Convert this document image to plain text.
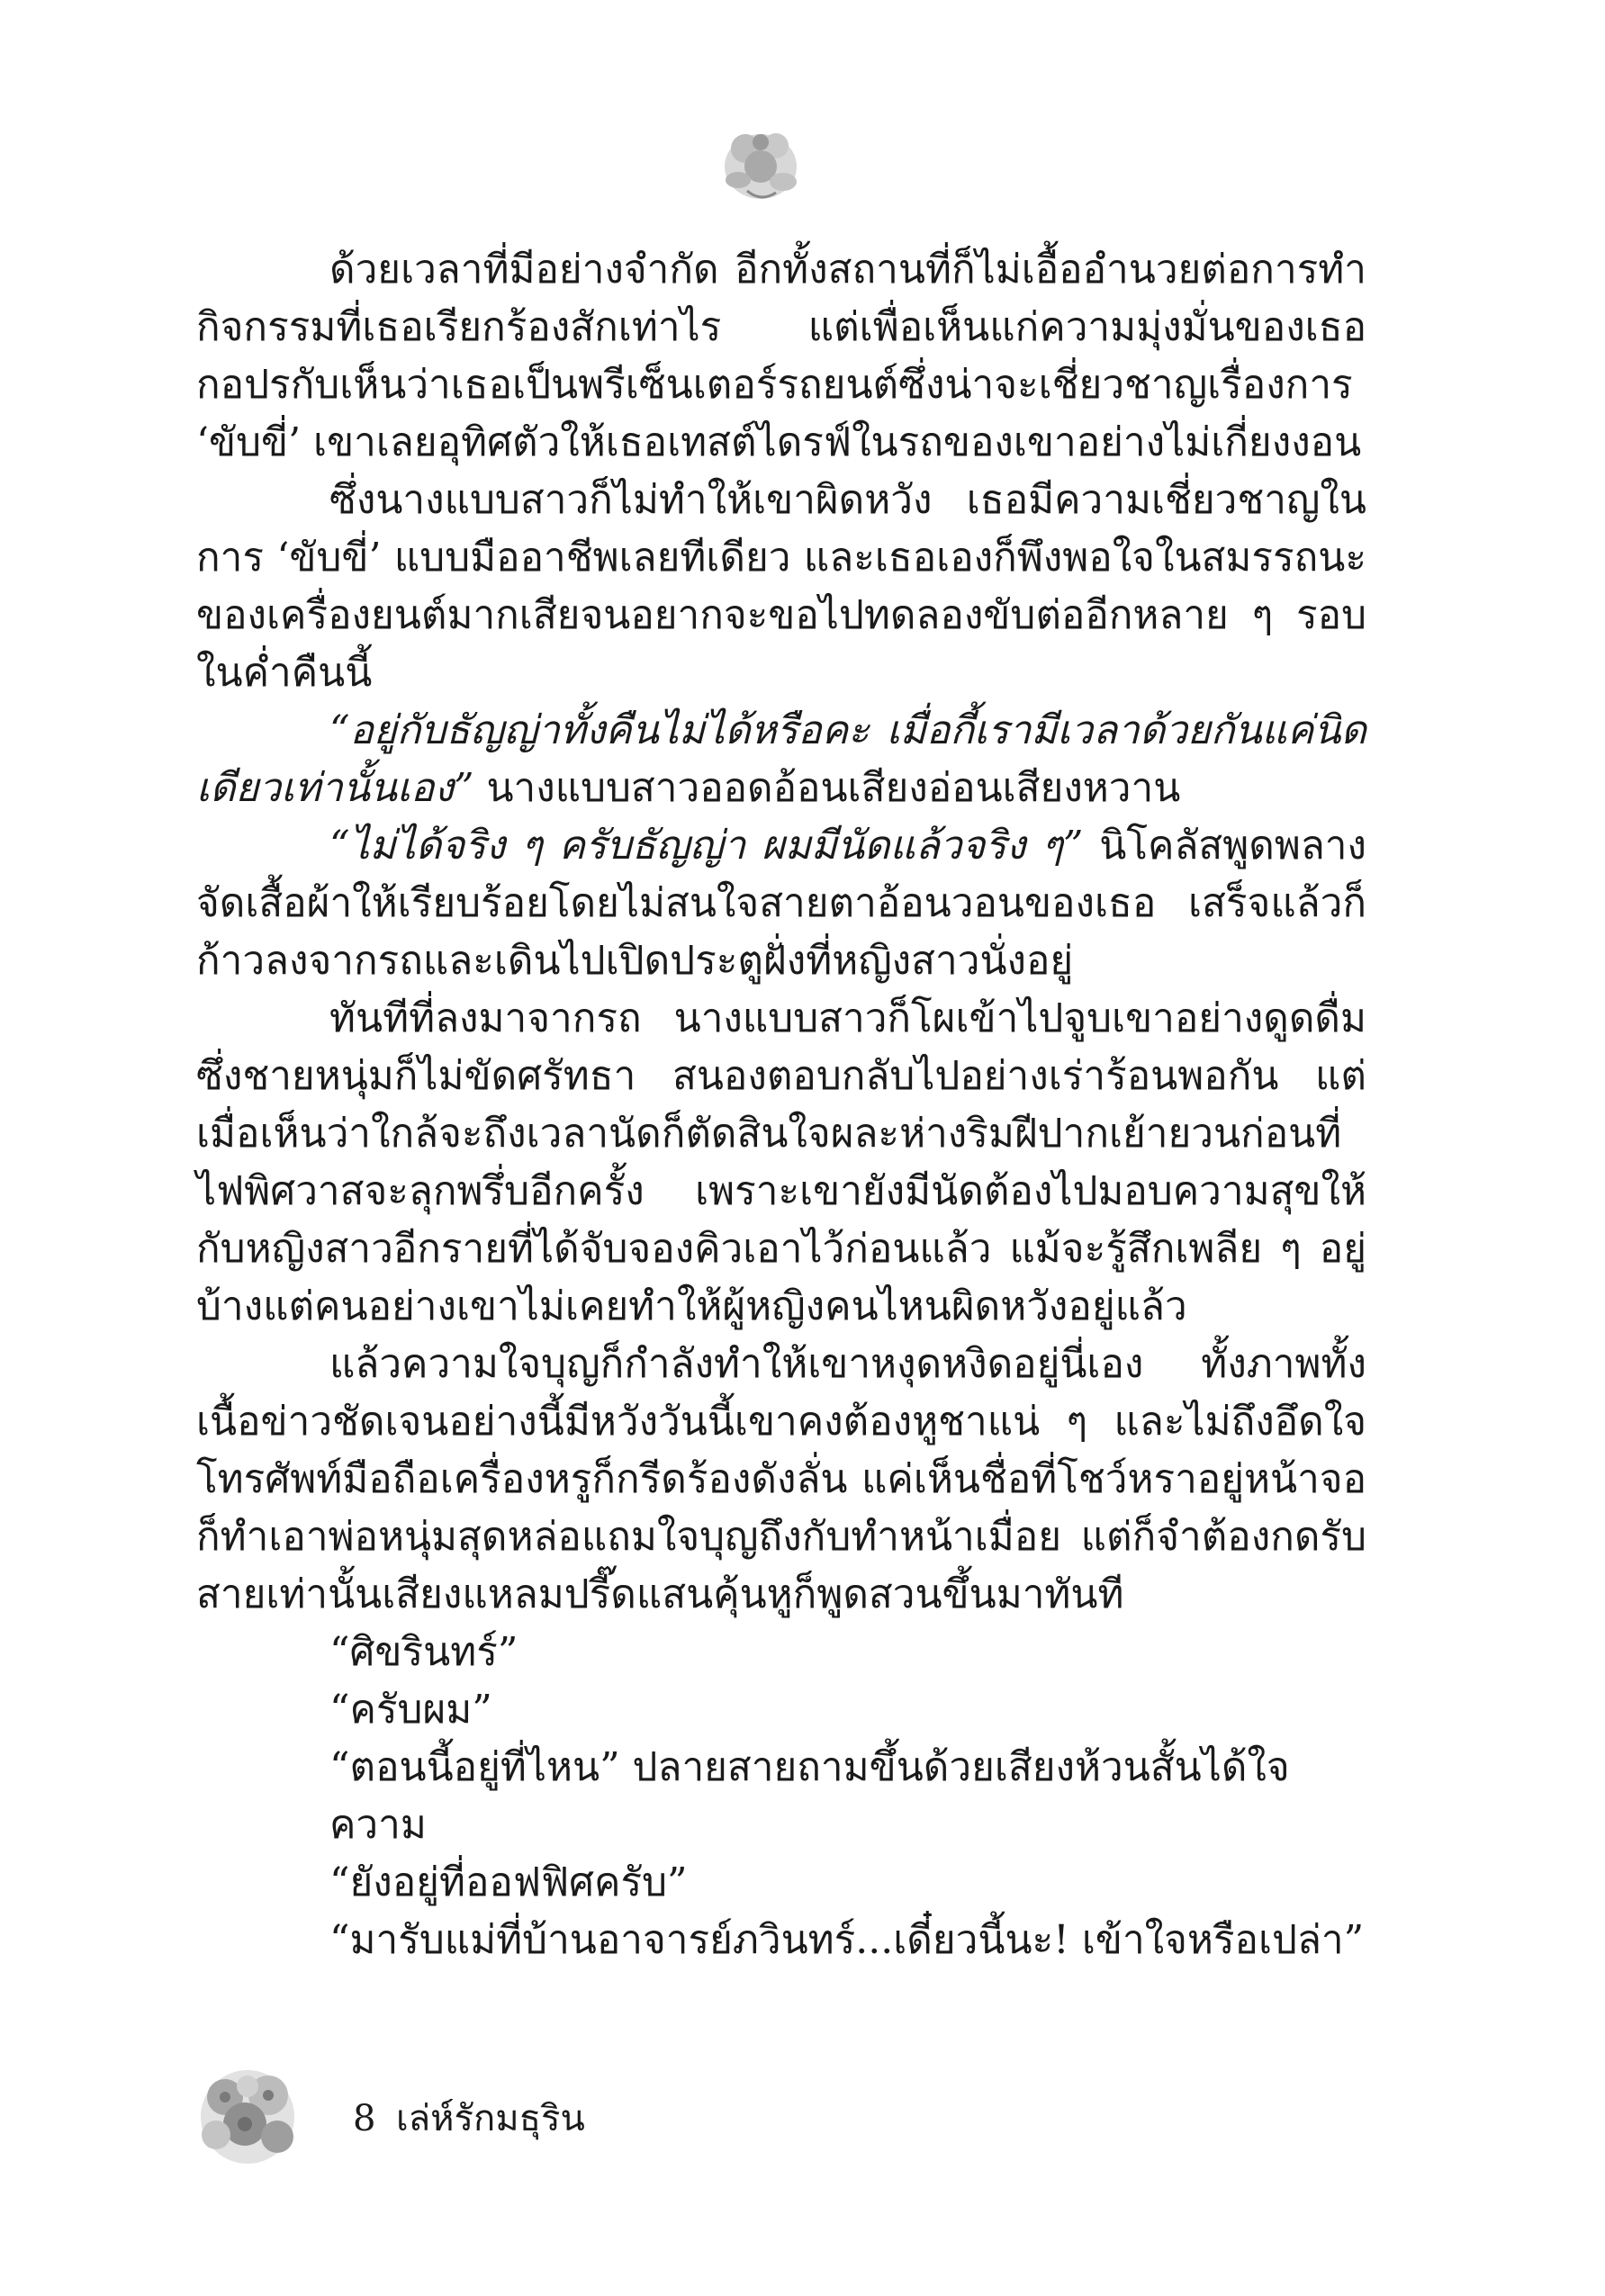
ด้วยเวลาที่มีอย่างจำกัด อีกทั้งสถานที่ก็ไม่เอื้ออำนวยต่อการทำกิจกรรมที่เธอเรียกร้องสักเท่าไร แต่เพื่อเห็นแก่ความมุ่งมั่นของเธอกอปรกับเห็นว่าเธอเป็นพรีเซ็นเตอร์รถยนต์ซึ่งน่าจะเชี่ยวชาญเรื่องการ ‘ขับขี่’ เขาเลยอุทิศตัวให้เธอเทสต์ไดรฟ์ในรถของเขาอย่างไม่เกี่ยงงอน

ซึ่งนางแบบสาวก็ไม่ทำให้เขาผิดหวัง เธอมีความเชี่ยวชาญในการ ‘ขับขี่’ แบบมืออาชีพเลยทีเดียว และเธอเองก็พึงพอใจในสมรรถนะของเครื่องยนต์มากเสียจนอยากจะขอไปทดลองขับต่ออีกหลาย ๆ รอบในค่ำคืนนี้

“อยู่กับธัญญ่าทั้งคืนไม่ได้หรือคะ เมื่อกี้เรามีเวลาด้วยกันแค่นิดเดียวเท่านั้นเอง” นางแบบสาวออดอ้อนเสียงอ่อนเสียงหวาน

“ไม่ได้จริง ๆ ครับธัญญ่า ผมมีนัดแล้วจริง ๆ” นิโคลัสพูดพลางจัดเสื้อผ้าให้เรียบร้อยโดยไม่สนใจสายตาอ้อนวอนของเธอ เสร็จแล้วก็ก้าวลงจากรถและเดินไปเปิดประตูฝั่งที่หญิงสาวนั่งอยู่

ทันทีที่ลงมาจากรถ นางแบบสาวก็โผเข้าไปจูบเขาอย่างดูดดื่ม ซึ่งชายหนุ่มก็ไม่ขัดศรัทธา สนองตอบกลับไปอย่างเร่าร้อนพอกัน แต่เมื่อเห็นว่าใกล้จะถึงเวลานัดก็ตัดสินใจผละห่างริมฝีปากเย้ายวนก่อนที่ไฟพิศวาสจะลุกพรึ่บอีกครั้ง เพราะเขายังมีนัดต้องไปมอบความสุขให้กับหญิงสาวอีกรายที่ได้จับจองคิวเอาไว้ก่อนแล้ว แม้จะรู้สึกเพลีย ๆ อยู่บ้างแต่คนอย่างเขาไม่เคยทำให้ผู้หญิงคนไหนผิดหวังอยู่แล้ว

แล้วความใจบุญก็กำลังทำให้เขาหงุดหงิดอยู่นี่เอง ทั้งภาพทั้งเนื้อข่าวชัดเจนอย่างนี้มีหวังวันนี้เขาคงต้องหูชาแน่ ๆ และไม่ถึงอึดใจโทรศัพท์มือถือเครื่องหรูก็กรีดร้องดังลั่น แค่เห็นชื่อที่โชว์หราอยู่หน้าจอก็ทำเอาพ่อหนุ่มสุดหล่อแถมใจบุญถึงกับทำหน้าเมื่อย แต่ก็จำต้องกดรับสายเท่านั้นเสียงแหลมปรี๊ดแสนคุ้นหูก็พูดสวนขึ้นมาทันที

“ศิขรินทร์”

“ครับผม”

“ตอนนี้อยู่ที่ไหน” ปลายสายถามขึ้นด้วยเสียงห้วนสั้นได้ใจความ

“ยังอยู่ที่ออฟฟิศครับ”

“มารับแม่ที่บ้านอาจารย์ภวินทร์...เดี๋ยวนี้นะ! เข้าใจหรือเปล่า”

8 เล่ห์รักมธุริน
